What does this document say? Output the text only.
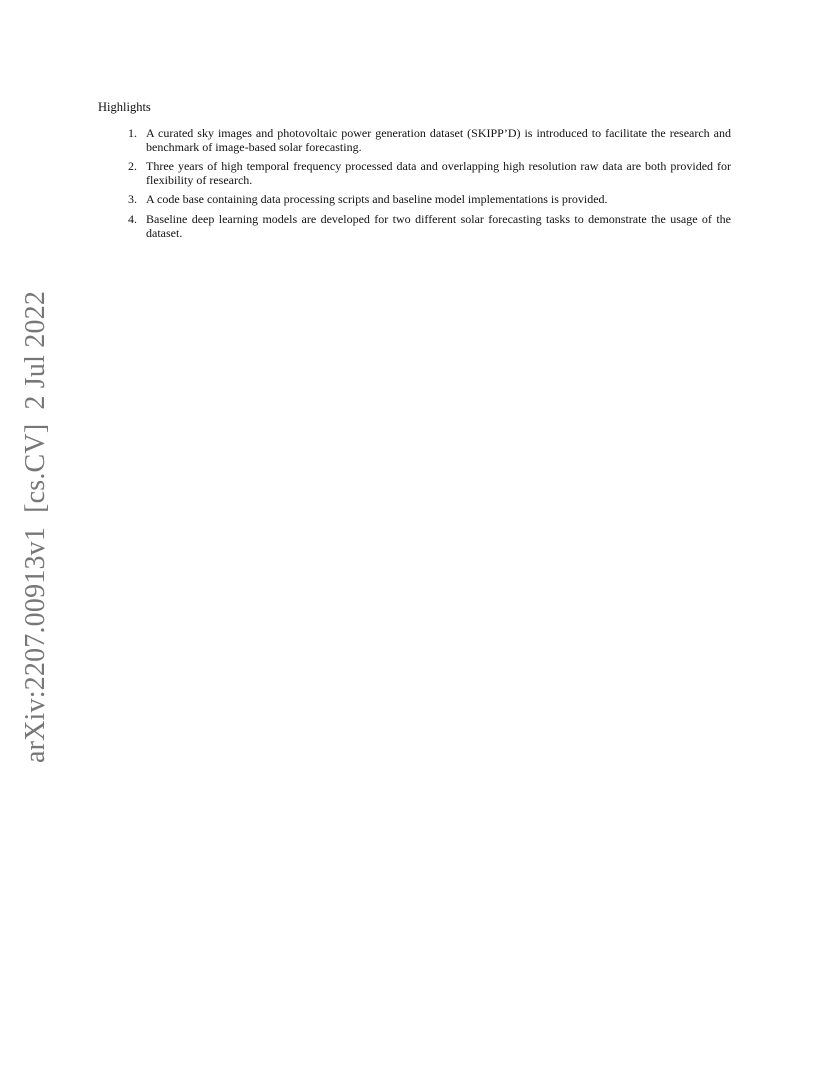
Highlights
1. A curated sky images and photovoltaic power generation dataset (SKIPP’D) is introduced to facilitate the research and benchmark of image-based solar forecasting.
2. Three years of high temporal frequency processed data and overlapping high resolution raw data are both provided for flexibility of research.
3. A code base containing data processing scripts and baseline model implementations is provided.
4. Baseline deep learning models are developed for two different solar forecasting tasks to demonstrate the usage of the dataset.
arXiv:2207.00913v1[cs.CV]2 Jul 2022
